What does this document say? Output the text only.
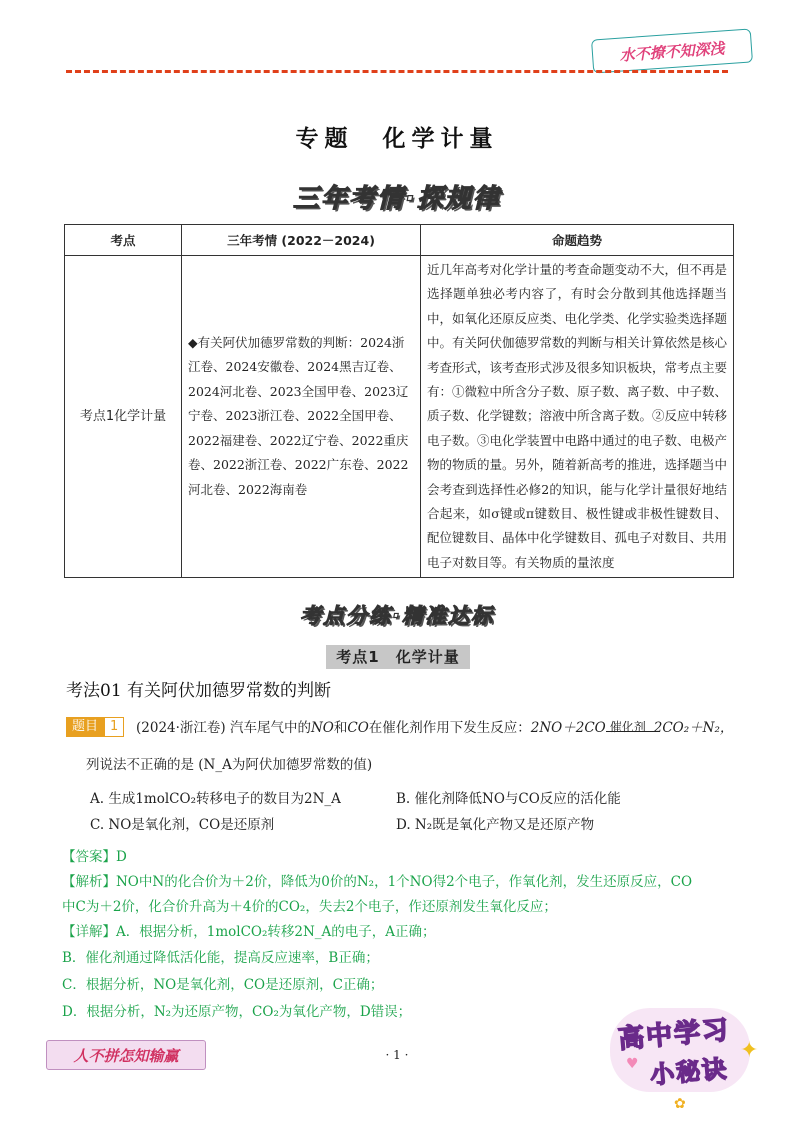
水不撩不知深浅
专题　化学计量
三年考情·探规律
考点	三年考情 (2022－2024)	命题趋势
考点1化学计量	◆有关阿伏加德罗常数的判断：2024浙江卷、2024安徽卷、2024黑吉辽卷、2024河北卷、2023全国甲卷、2023辽宁卷、2023浙江卷、2022全国甲卷、2022福建卷、2022辽宁卷、2022重庆卷、2022浙江卷、2022广东卷、2022河北卷、2022海南卷	近几年高考对化学计量的考查命题变动不大，但不再是选择题单独必考内容了，有时会分散到其他选择题当中，如氧化还原反应类、电化学类、化学实验类选择题中。有关阿伏伽德罗常数的判断与相关计算依然是核心考查形式，该考查形式涉及很多知识板块，常考点主要有：①微粒中所含分子数、原子数、离子数、中子数、质子数、化学键数；溶液中所含离子数。②反应中转移电子数。③电化学装置中电路中通过的电子数、电极产物的物质的量。另外，随着新高考的推进，选择题当中会考查到选择性必修2的知识，能与化学计量很好地结合起来，如σ键或π键数目、极性键或非极性键数目、配位键数目、晶体中化学键数目、孤电子对数目、共用电子对数目等。有关物质的量浓度
考点分练·精准达标
考点1　化学计量
考法01 有关阿伏加德罗常数的判断
题目 1	(2024·浙江卷) 汽车尾气中的NO和CO在催化剂作用下发生反应：2NO＋2CO 催化剂 2CO₂＋N₂，
列说法不正确的是 (N_A为阿伏加德罗常数的值)
A. 生成1molCO₂转移电子的数目为2N_A	B. 催化剂降低NO与CO反应的活化能
C. NO是氧化剂，CO是还原剂	D. N₂既是氧化产物又是还原产物
【答案】D
【解析】NO中N的化合价为＋2价，降低为0价的N₂，1个NO得2个电子，作氧化剂，发生还原反应，CO
中C为＋2价，化合价升高为＋4价的CO₂，失去2个电子，作还原剂发生氧化反应；
【详解】A．根据分析，1molCO₂转移2N_A的电子，A正确；
B．催化剂通过降低活化能，提高反应速率，B正确；
C．根据分析，NO是氧化剂，CO是还原剂，C正确；
D．根据分析，N₂为还原产物，CO₂为氧化产物，D错误；
人不拼怎知输赢	· 1 ·
高中学习
小秘诀
✦
♥
✿
